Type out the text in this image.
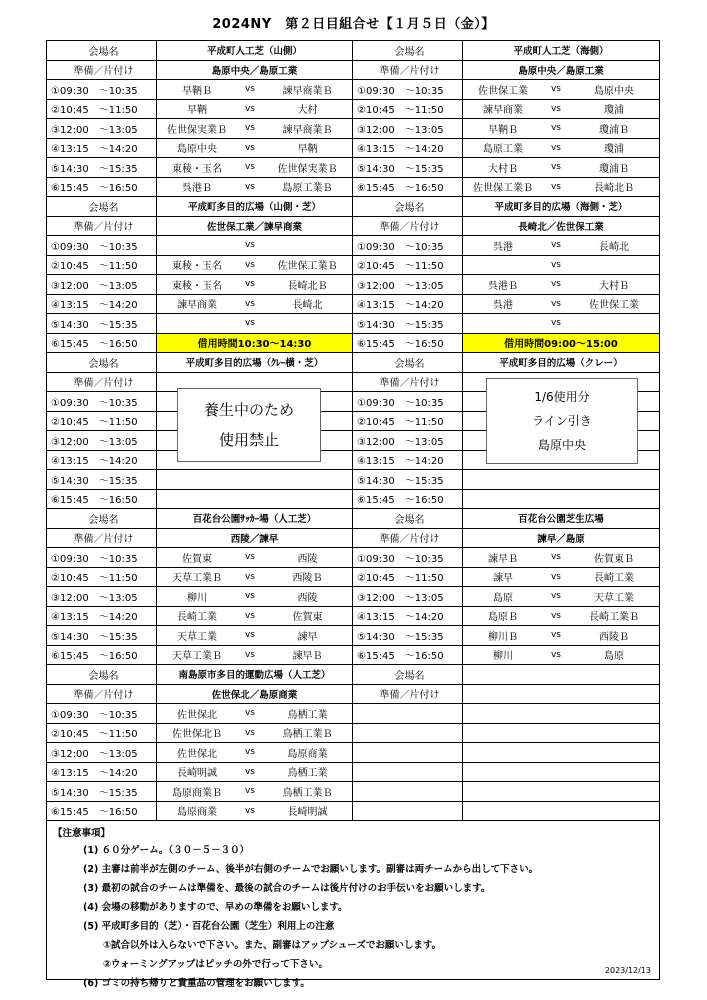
2024NY　第２日目組合せ【１月５日（金）】
会場名	平成町人工芝（山側）
準備／片付け	島原中央／島原工業
①09:30　～10:35	早鞆Ｂ	vs	諫早商業Ｂ
②10:45　～11:50	早鞆	vs	大村
③12:00　～13:05	佐世保実業Ｂ	vs	諫早商業Ｂ
④13:15　～14:20	島原中央	vs	早鞆
⑤14:30　～15:35	東稜・玉名	vs	佐世保実業Ｂ
⑥15:45　～16:50	呉港Ｂ	vs	島原工業Ｂ
会場名	平成町人工芝（海側）
準備／片付け	島原中央／島原工業
①09:30　～10:35	佐世保工業	vs	島原中央
②10:45　～11:50	諫早商業	vs	瓊浦
③12:00　～13:05	早鞆Ｂ	vs	瓊浦Ｂ
④13:15　～14:20	島原工業	vs	瓊浦
⑤14:30　～15:35	大村Ｂ	vs	瓊浦Ｂ
⑥15:45　～16:50	佐世保工業Ｂ	vs	長崎北Ｂ
会場名	平成町多目的広場（山側・芝）
準備／片付け	佐世保工業／諫早商業
①09:30　～10:35	vs
②10:45　～11:50	東稜・玉名	vs	佐世保工業Ｂ
③12:00　～13:05	東稜・玉名	vs	長崎北Ｂ
④13:15　～14:20	諫早商業	vs	長崎北
⑤14:30　～15:35	vs
⑥15:45　～16:50	借用時間10:30～14:30
会場名	平成町多目的広場（海側・芝）
準備／片付け	長崎北／佐世保工業
①09:30　～10:35	呉港	vs	長崎北
②10:45　～11:50	vs
③12:00　～13:05	呉港Ｂ	vs	大村Ｂ
④13:15　～14:20	呉港	vs	佐世保工業
⑤14:30　～15:35	vs
⑥15:45　～16:50	借用時間09:00～15:00
会場名	平成町多目的広場（ｸﾚｰ横・芝）
準備／片付け
①09:30　～10:35
②10:45　～11:50
③12:00　～13:05
④13:15　～14:20
⑤14:30　～15:35
⑥15:45　～16:50
養生中のため
使用禁止
会場名	平成町多目的広場（クレー）
準備／片付け
①09:30　～10:35
②10:45　～11:50
③12:00　～13:05
④13:15　～14:20
⑤14:30　～15:35
⑥15:45　～16:50
1/6使用分
ライン引き
島原中央
会場名	百花台公園ｻｯｶｰ場（人工芝）
準備／片付け	西陵／諫早
①09:30　～10:35	佐賀東	vs	西陵
②10:45　～11:50	天草工業Ｂ	vs	西陵Ｂ
③12:00　～13:05	柳川	vs	西陵
④13:15　～14:20	長崎工業	vs	佐賀東
⑤14:30　～15:35	天草工業	vs	諫早
⑥15:45　～16:50	天草工業Ｂ	vs	諫早Ｂ
会場名	百花台公園芝生広場
準備／片付け	諫早／島原
①09:30　～10:35	諫早Ｂ	vs	佐賀東Ｂ
②10:45　～11:50	諫早	vs	長崎工業
③12:00　～13:05	島原	vs	天草工業
④13:15　～14:20	島原Ｂ	vs	長崎工業Ｂ
⑤14:30　～15:35	柳川Ｂ	vs	西陵Ｂ
⑥15:45　～16:50	柳川	vs	島原
会場名	南島原市多目的運動広場（人工芝）
準備／片付け	佐世保北／島原商業
①09:30　～10:35	佐世保北	vs	鳥栖工業
②10:45　～11:50	佐世保北Ｂ	vs	鳥栖工業Ｂ
③12:00　～13:05	佐世保北	vs	島原商業
④13:15　～14:20	長崎明誠	vs	鳥栖工業
⑤14:30　～15:35	島原商業Ｂ	vs	鳥栖工業Ｂ
⑥15:45　～16:50	島原商業	vs	長崎明誠
会場名
準備／片付け
【注意事項】
(1) ６０分ゲーム。（３０－５－３０）
(2) 主審は前半が左側のチーム、後半が右側のチームでお願いします。副審は両チームから出して下さい。
(3) 最初の試合のチームは準備を、最後の試合のチームは後片付けのお手伝いをお願いします。
(4) 会場の移動がありますので、早めの準備をお願いします。
(5) 平成町多目的（芝）・百花台公園（芝生）利用上の注意
①試合以外は入らないで下さい。また、副審はアップシューズでお願いします。
②ウォーミングアップはピッチの外で行って下さい。
(6) ゴミの持ち帰りと貴重品の管理をお願いします。
2023/12/13
